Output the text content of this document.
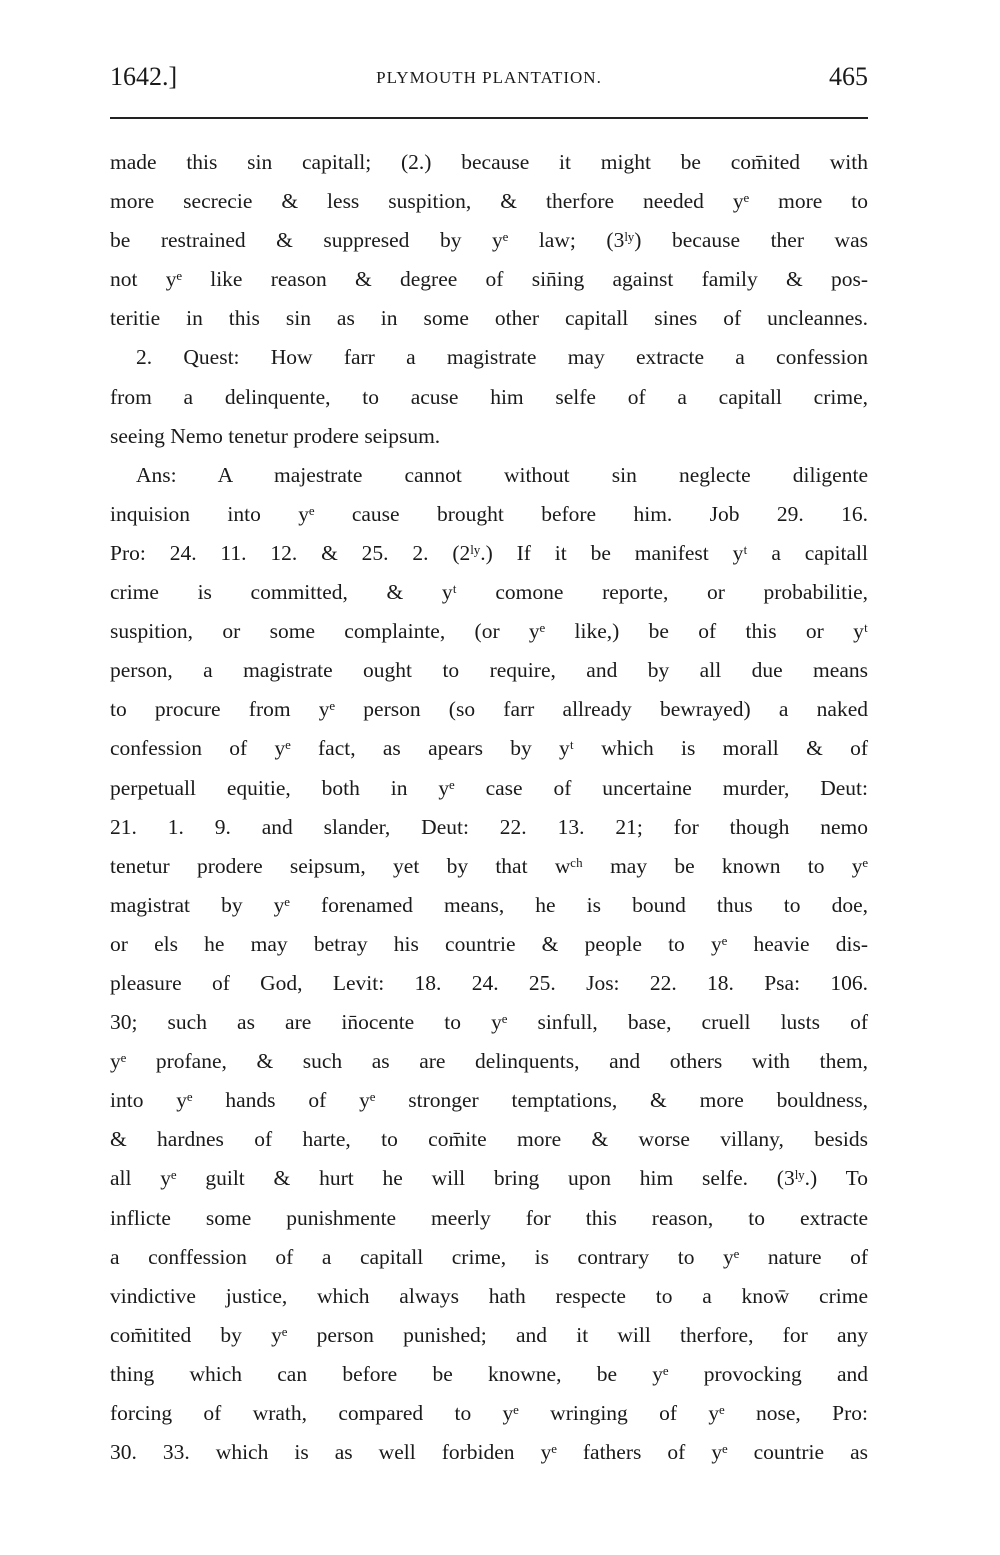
1642.]	PLYMOUTH PLANTATION.	465
made this sin capitall; (2.) because it might be com̄ited with
more secrecie & less suspition, & therfore needed yᵉ more to
be restrained & suppresed by yᵉ law; (3ˡʸ) because ther was
not yᵉ like reason & degree of sin̄ing against family & pos-
teritie in this sin as in some other capitall sines of uncleannes.
2. Quest: How farr a magistrate may extracte a confession
from a delinquente, to acuse him selfe of a capitall crime,
seeing Nemo tenetur prodere seipsum.
Ans: A majestrate cannot without sin neglecte diligente
inquision into yᵉ cause brought before him. Job 29. 16.
Pro: 24. 11. 12. & 25. 2. (2ˡʸ.) If it be manifest yᵗ a capitall
crime is committed, & yᵗ comone reporte, or probabilitie,
suspition, or some complainte, (or yᵉ like,) be of this or yᵗ
person, a magistrate ought to require, and by all due means
to procure from yᵉ person (so farr allready bewrayed) a naked
confession of yᵉ fact, as apears by yᵗ which is morall & of
perpetuall equitie, both in yᵉ case of uncertaine murder, Deut:
21. 1. 9. and slander, Deut: 22. 13. 21; for though nemo
tenetur prodere seipsum, yet by that wᶜʰ may be known to yᵉ
magistrat by yᵉ forenamed means, he is bound thus to doe,
or els he may betray his countrie & people to yᵉ heavie dis-
pleasure of God, Levit: 18. 24. 25. Jos: 22. 18. Psa: 106.
30; such as are in̄ocente to yᵉ sinfull, base, cruell lusts of
yᵉ profane, & such as are delinquents, and others with them,
into yᵉ hands of yᵉ stronger temptations, & more bouldness,
& hardnes of harte, to com̄ite more & worse villany, besids
all yᵉ guilt & hurt he will bring upon him selfe. (3ˡʸ.) To
inflicte some punishmente meerly for this reason, to extracte
a conffession of a capitall crime, is contrary to yᵉ nature of
vindictive justice, which always hath respecte to a know̄ crime
com̄itited by yᵉ person punished; and it will therfore, for any
thing which can before be knowne, be yᵉ provocking and
forcing of wrath, compared to yᵉ wringing of yᵉ nose, Pro:
30. 33. which is as well forbiden yᵉ fathers of yᵉ countrie as
